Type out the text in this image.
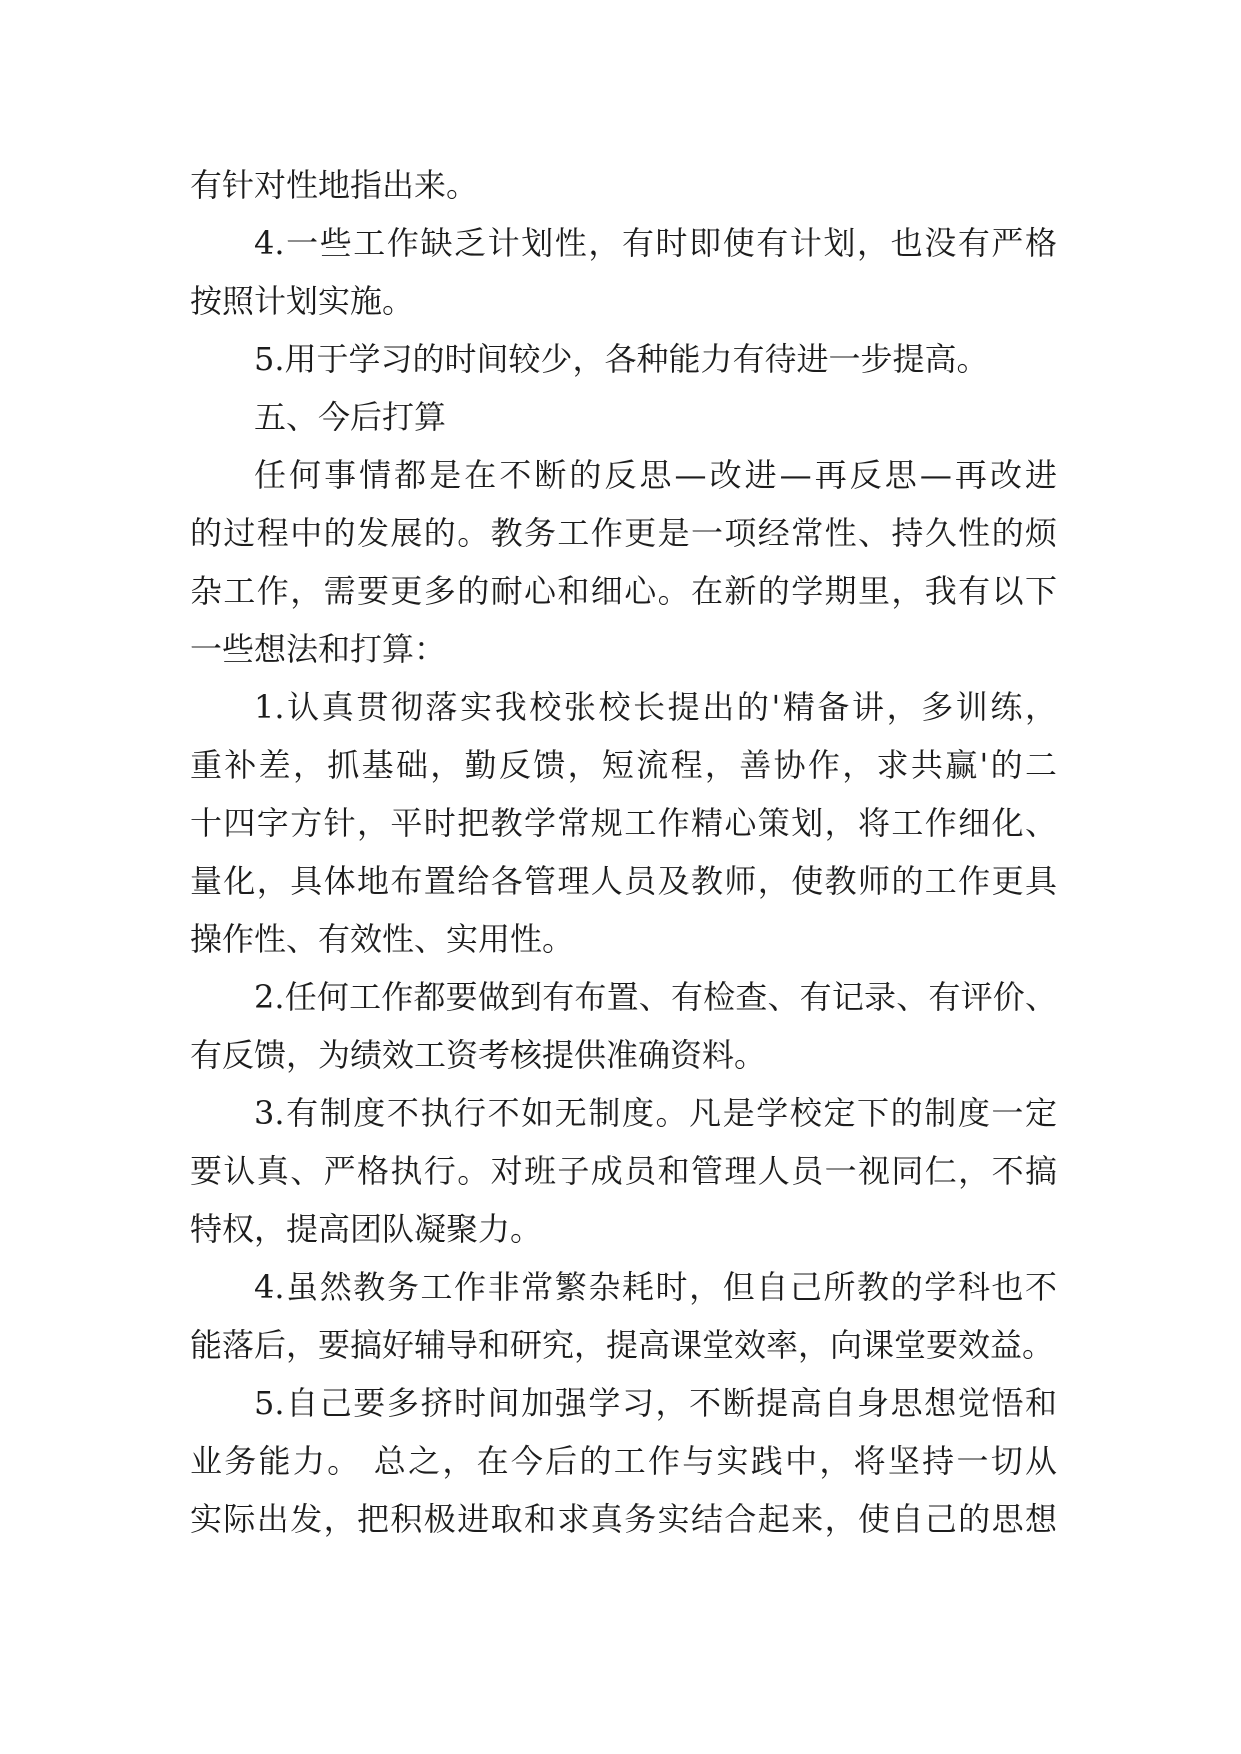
有针对性地指出来。
4.一些工作缺乏计划性，有时即使有计划，也没有严格
按照计划实施。
5.用于学习的时间较少，各种能力有待进一步提高。
五、今后打算
任何事情都是在不断的反思—改进—再反思—再改进
的过程中的发展的。教务工作更是一项经常性、持久性的烦
杂工作，需要更多的耐心和细心。在新的学期里，我有以下
一些想法和打算：
1.认真贯彻落实我校张校长提出的'精备讲，多训练，
重补差，抓基础，勤反馈，短流程，善协作，求共赢'的二
十四字方针，平时把教学常规工作精心策划，将工作细化、
量化，具体地布置给各管理人员及教师，使教师的工作更具
操作性、有效性、实用性。
2.任何工作都要做到有布置、有检查、有记录、有评价、
有反馈，为绩效工资考核提供准确资料。
3.有制度不执行不如无制度。凡是学校定下的制度一定
要认真、严格执行。对班子成员和管理人员一视同仁，不搞
特权，提高团队凝聚力。
4.虽然教务工作非常繁杂耗时，但自己所教的学科也不
能落后，要搞好辅导和研究，提高课堂效率，向课堂要效益。
5.自己要多挤时间加强学习，不断提高自身思想觉悟和
业务能力。 总之，在今后的工作与实践中，将坚持一切从
实际出发，把积极进取和求真务实结合起来，使自己的思想
